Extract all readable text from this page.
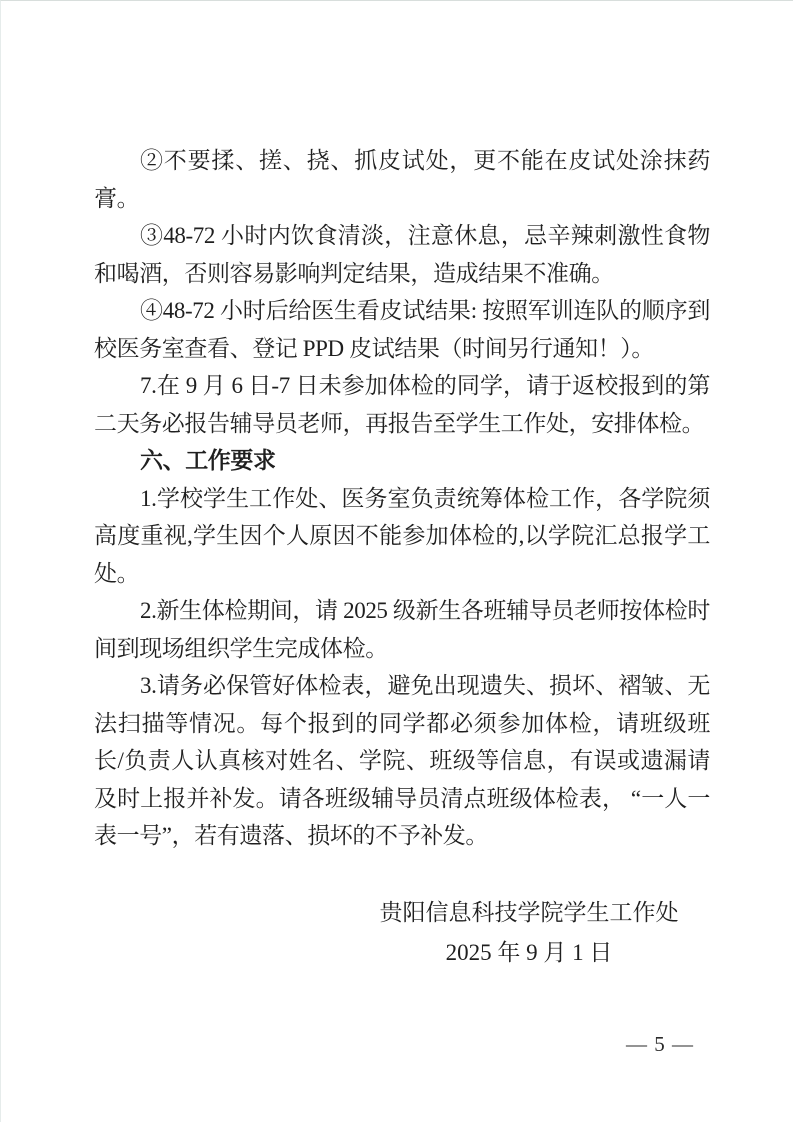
②不要揉、搓、挠、抓皮试处，更不能在皮试处涂抹药膏。

③48-72 小时内饮食清淡，注意休息，忌辛辣刺激性食物和喝酒，否则容易影响判定结果，造成结果不准确。

④48-72 小时后给医生看皮试结果: 按照军训连队的顺序到校医务室查看、登记 PPD 皮试结果（时间另行通知！）。

7.在 9 月 6 日-7 日未参加体检的同学，请于返校报到的第二天务必报告辅导员老师，再报告至学生工作处，安排体检。

六、工作要求

1.学校学生工作处、医务室负责统筹体检工作，各学院须高度重视,学生因个人原因不能参加体检的,以学院汇总报学工处。

2.新生体检期间，请 2025 级新生各班辅导员老师按体检时间到现场组织学生完成体检。

3.请务必保管好体检表，避免出现遗失、损坏、褶皱、无法扫描等情况。每个报到的同学都必须参加体检，请班级班长/负责人认真核对姓名、学院、班级等信息，有误或遗漏请及时上报并补发。请各班级辅导员清点班级体检表， “一人一表一号”，若有遗落、损坏的不予补发。

贵阳信息科技学院学生工作处
2025 年 9 月 1 日
— 5 —
